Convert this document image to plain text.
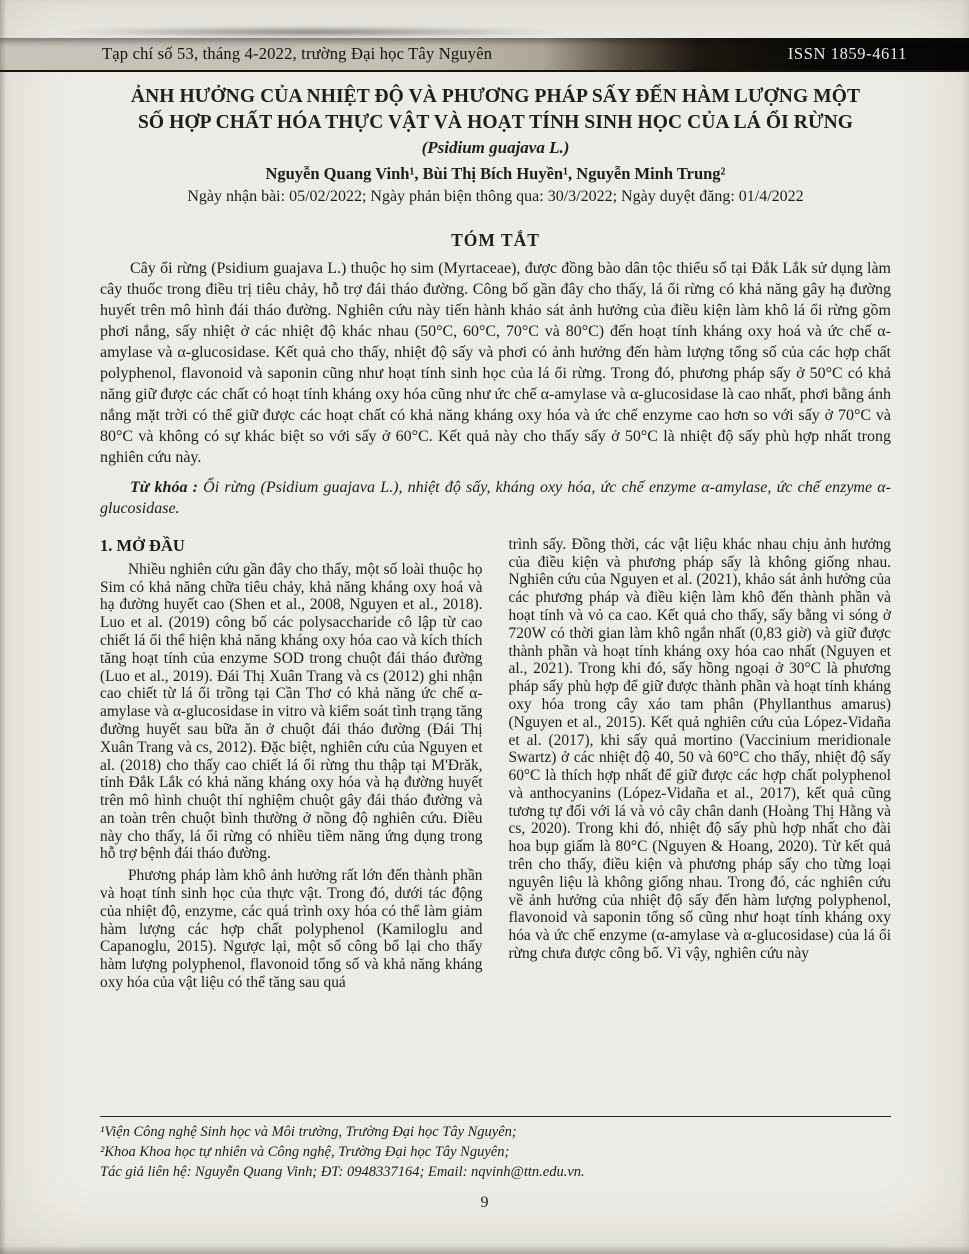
Tạp chí số 53, tháng 4-2022, trường Đại học Tây Nguyên	ISSN 1859-4611
ẢNH HƯỞNG CỦA NHIỆT ĐỘ VÀ PHƯƠNG PHÁP SẤY ĐẾN HÀM LƯỢNG MỘT SỐ HỢP CHẤT HÓA THỰC VẬT VÀ HOẠT TÍNH SINH HỌC CỦA LÁ ỔI RỪNG
(Psidium guajava L.)
Nguyễn Quang Vinh¹, Bùi Thị Bích Huyền¹, Nguyễn Minh Trung²
Ngày nhận bài: 05/02/2022; Ngày phản biện thông qua: 30/3/2022; Ngày duyệt đăng: 01/4/2022
TÓM TẮT

Cây ổi rừng (Psidium guajava L.) thuộc họ sim (Myrtaceae), được đồng bào dân tộc thiểu số tại Đắk Lắk sử dụng làm cây thuốc trong điều trị tiêu chảy, hỗ trợ đái tháo đường. Công bố gần đây cho thấy, lá ổi rừng có khả năng gây hạ đường huyết trên mô hình đái tháo đường. Nghiên cứu này tiến hành khảo sát ảnh hưởng của điều kiện làm khô lá ổi rừng gồm phơi nắng, sấy nhiệt ở các nhiệt độ khác nhau (50°C, 60°C, 70°C và 80°C) đến hoạt tính kháng oxy hoá và ức chế α-amylase và α-glucosidase. Kết quả cho thấy, nhiệt độ sấy và phơi có ảnh hưởng đến hàm lượng tổng số của các hợp chất polyphenol, flavonoid và saponin cũng như hoạt tính sinh học của lá ổi rừng. Trong đó, phương pháp sấy ở 50°C có khả năng giữ được các chất có hoạt tính kháng oxy hóa cũng như ức chế α-amylase và α-glucosidase là cao nhất, phơi bằng ánh nắng mặt trời có thể giữ được các hoạt chất có khả năng kháng oxy hóa và ức chế enzyme cao hơn so với sấy ở 70°C và 80°C và không có sự khác biệt so với sấy ở 60°C. Kết quả này cho thấy sấy ở 50°C là nhiệt độ sấy phù hợp nhất trong nghiên cứu này.

Từ khóa : Ổi rừng (Psidium guajava L.), nhiệt độ sấy, kháng oxy hóa, ức chế enzyme α-amylase, ức chế enzyme α-glucosidase.

1. MỞ ĐẦU

Nhiều nghiên cứu gần đây cho thấy, một số loài thuộc họ Sim có khả năng chữa tiêu chảy, khả năng kháng oxy hoá và hạ đường huyết cao (Shen et al., 2008, Nguyen et al., 2018). Luo et al. (2019) công bố các polysaccharide cô lập từ cao chiết lá ổi thể hiện khả năng kháng oxy hóa cao và kích thích tăng hoạt tính của enzyme SOD trong chuột đái tháo đường (Luo et al., 2019). Đái Thị Xuân Trang và cs (2012) ghi nhận cao chiết từ lá ổi trồng tại Cần Thơ có khả năng ức chế α-amylase và α-glucosidase in vitro và kiểm soát tình trạng tăng đường huyết sau bữa ăn ở chuột đái tháo đường (Đái Thị Xuân Trang và cs, 2012). Đặc biệt, nghiên cứu của Nguyen et al. (2018) cho thấy cao chiết lá ổi rừng thu thập tại M'Đrăk, tỉnh Đắk Lắk có khả năng kháng oxy hóa và hạ đường huyết trên mô hình chuột thí nghiệm chuột gây đái tháo đường và an toàn trên chuột bình thường ở nồng độ nghiên cứu. Điều này cho thấy, lá ổi rừng có nhiều tiềm năng ứng dụng trong hỗ trợ bệnh đái tháo đường.

Phương pháp làm khô ảnh hưởng rất lớn đến thành phần và hoạt tính sinh học của thực vật. Trong đó, dưới tác động của nhiệt độ, enzyme, các quá trình oxy hóa có thể làm giảm hàm lượng các hợp chất polyphenol (Kamiloglu and Capanoglu, 2015). Ngược lại, một số công bố lại cho thấy hàm lượng polyphenol, flavonoid tổng số và khả năng kháng oxy hóa của vật liệu có thể tăng sau quá

trình sấy. Đồng thời, các vật liệu khác nhau chịu ảnh hưởng của điều kiện và phương pháp sấy là không giống nhau. Nghiên cứu của Nguyen et al. (2021), khảo sát ảnh hưởng của các phương pháp và điều kiện làm khô đến thành phần và hoạt tính và vỏ ca cao. Kết quả cho thấy, sấy bằng vi sóng ở 720W có thời gian làm khô ngắn nhất (0,83 giờ) và giữ được thành phần và hoạt tính kháng oxy hóa cao nhất (Nguyen et al., 2021). Trong khi đó, sấy hồng ngoại ở 30°C là phương pháp sấy phù hợp để giữ được thành phần và hoạt tính kháng oxy hóa trong cây xáo tam phân (Phyllanthus amarus) (Nguyen et al., 2015). Kết quả nghiên cứu của López-Vidaña et al. (2017), khi sấy quả mortino (Vaccinium meridionale Swartz) ở các nhiệt độ 40, 50 và 60°C cho thấy, nhiệt độ sấy 60°C là thích hợp nhất để giữ được các hợp chất polyphenol và anthocyanins (López-Vidaña et al., 2017), kết quả cũng tương tự đối với lá và vỏ cây chân danh (Hoàng Thị Hằng và cs, 2020). Trong khi đó, nhiệt độ sấy phù hợp nhất cho đài hoa bụp giấm là 80°C (Nguyen & Hoang, 2020). Từ kết quả trên cho thấy, điều kiện và phương pháp sấy cho từng loại nguyên liệu là không giống nhau. Trong đó, các nghiên cứu về ảnh hưởng của nhiệt độ sấy đến hàm lượng polyphenol, flavonoid và saponin tổng số cũng như hoạt tính kháng oxy hóa và ức chế enzyme (α-amylase và α-glucosidase) của lá ổi rừng chưa được công bố. Vì vậy, nghiên cứu này

¹Viện Công nghệ Sinh học và Môi trường, Trường Đại học Tây Nguyên;

²Khoa Khoa học tự nhiên và Công nghệ, Trường Đại học Tây Nguyên;

Tác giả liên hệ: Nguyễn Quang Vinh; ĐT: 0948337164; Email: nqvinh@ttn.edu.vn.

9
